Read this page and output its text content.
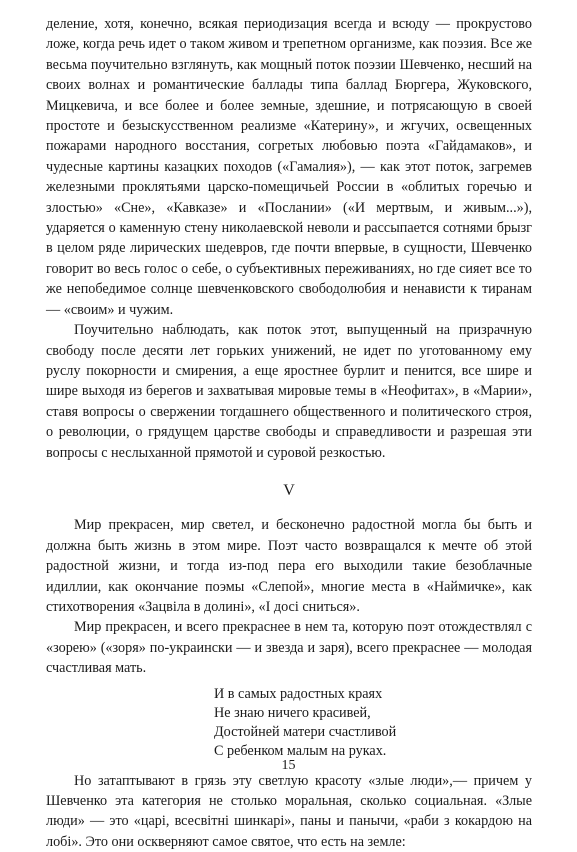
деление, хотя, конечно, всякая периодизация всегда и всюду — прокрустово ложе, когда речь идет о таком живом и трепетном организме, как поэзия. Все же весьма поучительно взглянуть, как мощный поток поэзии Шевченко, несший на своих волнах и романтические баллады типа баллад Бюргера, Жуковского, Мицкевича, и все более и более земные, здешние, и потрясающую в своей простоте и безыскусственном реализме «Катерину», и жгучих, освещенных пожарами народного восстания, согретых любовью поэта «Гайдамаков», и чудесные картины казацких походов («Гамалия»), — как этот поток, загремев железными проклятьями царско-помещичьей России в «облитых горечью и злостью» «Сне», «Кавказе» и «Послании» («И мертвым, и живым...»), ударяется о каменную стену николаевской неволи и рассыпается сотнями брызг в целом ряде лирических шедевров, где почти впервые, в сущности, Шевченко говорит во весь голос о себе, о субъективных переживаниях, но где сияет все то же непобедимое солнце шевченковского свободолюбия и ненависти к тиранам — «своим» и чужим.

Поучительно наблюдать, как поток этот, выпущенный на призрачную свободу после десяти лет горьких унижений, не идет по уготованному ему руслу покорности и смирения, а еще яростнее бурлит и пенится, все шире и шире выходя из берегов и захватывая мировые темы в «Неофитах», в «Марии», ставя вопросы о свержении тогдашнего общественного и политического строя, о революции, о грядущем царстве свободы и справедливости и разрешая эти вопросы с неслыханной прямотой и суровой резкостью.

V

Мир прекрасен, мир светел, и бесконечно радостной могла бы быть и должна быть жизнь в этом мире. Поэт часто возвращался к мечте об этой радостной жизни, и тогда из-под пера его выходили такие безоблачные идиллии, как окончание поэмы «Слепой», многие места в «Наймичке», как стихотворения «Зацвіла в долині», «І досі сниться».

Мир прекрасен, и всего прекраснее в нем та, которую поэт отождествлял с «зорею» («зоря» по-украински — и звезда и заря), всего прекраснее — молодая счастливая мать.

И в самых радостных краях
Не знаю ничего красивей,
Достойней матери счастливой
С ребенком малым на руках.

Но затаптывают в грязь эту светлую красоту «злые люди»,— причем у Шевченко эта категория не столько моральная, сколько социальная. «Злые люди» — это «царі, всесвітні шинкарі», паны и панычи, «раби з кокардою на лобі». Это они оскверняют самое святое, что есть на земле:

15
